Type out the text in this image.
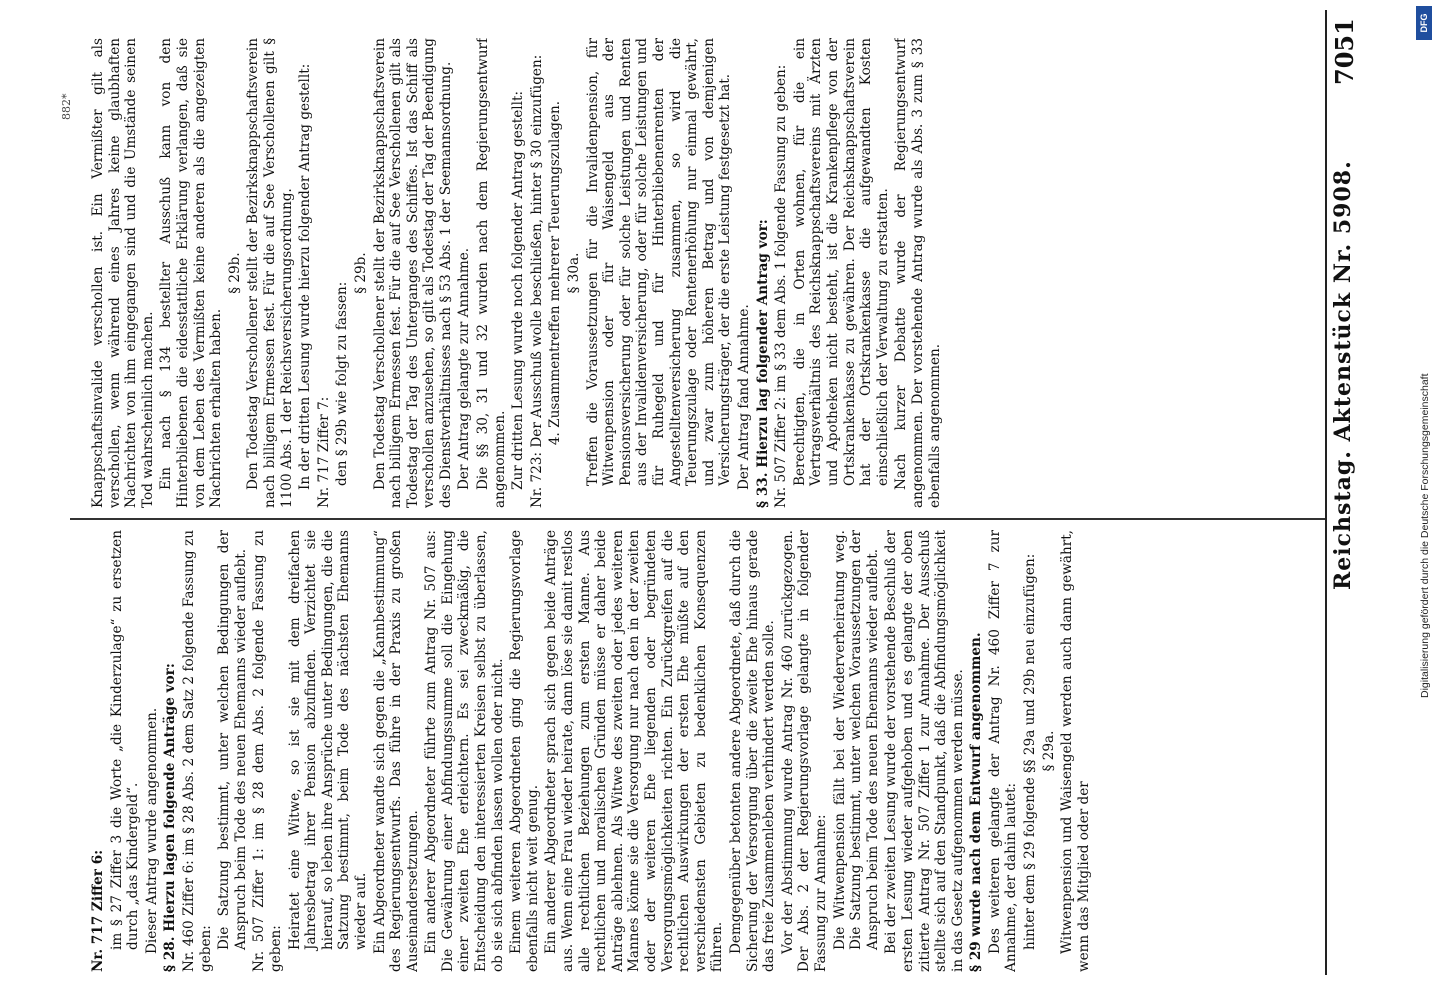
Reichstag. Aktenstück Nr. 5908.
7051

Nr. 717 Ziffer 6: im § 27 Ziffer 3 die Worte „die Kinderzulage“ zu ersetzen durch „das Kindergeld“. Dieser Antrag wurde angenommen. § 28. Hierzu lagen folgende Anträge vor: Nr. 460 Ziffer 6: im § 28 Abs. 2 dem Satz 2 folgende Fassung zu geben: Die Satzung bestimmt, unter welchen Bedingungen der Anspruch beim Tode des neuen Ehemanns wieder auflebt. Nr. 507 Ziffer 1: im § 28 dem Abs. 2 folgende Fassung zu geben: Heiratet eine Witwe, so ist sie mit dem dreifachen Jahresbetrag ihrer Pension abzufinden. Verzichtet sie hierauf, so leben ihre Ansprüche unter Bedingungen, die die Satzung bestimmt, beim Tode des nächsten Ehemanns wieder auf. Ein Abgeordneter wandte sich gegen die „Kannbestimmung“ des Regierungsentwurfs. Das führe in der Praxis zu großen Auseinandersetzungen. Ein anderer Abgeordneter führte zum Antrag Nr. 507 aus: Die Gewährung einer Abfindungssumme soll die Eingehung einer zweiten Ehe erleichtern. Es sei zweckmäßig, die Entscheidung den interessierten Kreisen selbst zu überlassen, ob sie sich abfinden lassen wollen oder nicht. Einem weiteren Abgeordneten ging die Regierungsvorlage ebenfalls nicht weit genug. Ein anderer Abgeordneter sprach sich gegen beide Anträge aus. Wenn eine Frau wieder heirate, dann löse sie damit restlos alle rechtlichen Beziehungen zum ersten Manne. Aus rechtlichen und moralischen Gründen müsse er daher beide Anträge ablehnen. Als Witwe des zweiten oder jedes weiteren Mannes könne sie die Versorgung nur nach den in der zweiten oder der weiteren Ehe liegenden oder begründeten Versorgungsmöglichkeiten richten. Ein Zurückgreifen auf die rechtlichen Auswirkungen der ersten Ehe müßte auf den verschiedensten Gebieten zu bedenklichen Konsequenzen führen. Demgegenüber betonten andere Abgeordnete, daß durch die Sicherung der Versorgung über die zweite Ehe hinaus gerade das freie Zusammenleben verhindert werden solle. Vor der Abstimmung wurde Antrag Nr. 460 zurückgezogen. Der Abs. 2 der Regierungsvorlage gelangte in folgender Fassung zur Annahme: Die Witwenpension fällt bei der Wiederverheiratung weg. Die Satzung bestimmt, unter welchen Voraussetzungen der Anspruch beim Tode des neuen Ehemanns wieder auflebt. Bei der zweiten Lesung wurde der vorstehende Beschluß der ersten Lesung wieder aufgehoben und es gelangte der oben zitierte Antrag Nr. 507 Ziffer 1 zur Annahme. Der Ausschuß stellte sich auf den Standpunkt, daß die Abfindungsmöglichkeit in das Gesetz aufgenommen werden müsse. § 29 wurde nach dem Entwurf angenommen. Des weiteren gelangte der Antrag Nr. 460 Ziffer 7 zur Annahme, der dahin lautet: hinter dem § 29 folgende §§ 29a und 29b neu einzufügen: § 29a. Witwenpension und Waisengeld werden auch dann gewährt, wenn das Mitglied oder der

Knappschaftsinvalide verschollen ist. Ein Vermißter gilt als verschollen, wenn während eines Jahres keine glaubhaften Nachrichten von ihm eingegangen sind und die Umstände seinen Tod wahrscheinlich machen. Ein nach § 134 bestellter Ausschuß kann von den Hinterbliebenen die eidesstattliche Erklärung verlangen, daß sie von dem Leben des Vermißten keine anderen als die angezeigten Nachrichten erhalten haben.

§ 29b. Den Todestag Verschollener stellt der Bezirksknappschaftsverein nach billigem Ermessen fest. Für die auf See Verschollenen gilt § 1100 Abs. 1 der Reichsversicherungsordnung. In der dritten Lesung wurde hierzu folgender Antrag gestellt: Nr. 717 Ziffer 7: den § 29b wie folgt zu fassen:

§ 29b. Den Todestag Verschollener stellt der Bezirksknappschaftsverein nach billigem Ermessen fest. Für die auf See Verschollenen gilt als Todestag der Tag des Unterganges des Schiffes. Ist das Schiff als verschollen anzusehen, so gilt als Todestag der Tag der Beendigung des Dienstverhältnisses nach § 53 Abs. 1 der Seemannsordnung. Der Antrag gelangte zur Annahme. Die §§ 30, 31 und 32 wurden nach dem Regierungsentwurf angenommen. Zur dritten Lesung wurde noch folgender Antrag gestellt: Nr. 723: Der Ausschuß wolle beschließen, hinter § 30 einzufügen: 4. Zusammentreffen mehrerer Teuerungszulagen. § 30a. Treffen die Voraussetzungen für die Invalidenpension, für Witwenpension oder für Waisengeld aus der Pensionsversicherung oder für solche Leistungen und Renten aus der Invalidenversicherung, oder für solche Leistungen und für Ruhegeld und für Hinterbliebenenrenten der Angestelltenversicherung zusammen, so wird die Teuerungszulage oder Rentenerhöhung nur einmal gewährt, und zwar zum höheren Betrag und von demjenigen Versicherungsträger, der die erste Leistung festgesetzt hat. Der Antrag fand Annahme. § 33. Hierzu lag folgender Antrag vor: Nr. 507 Ziffer 2: im § 33 dem Abs. 1 folgende Fassung zu geben: Berechtigten, die in Orten wohnen, für die ein Vertragsverhältnis des Reichsknappschaftsvereins mit Ärzten und Apotheken nicht besteht, ist die Krankenpflege von der Ortskrankenkasse zu gewähren. Der Reichsknappschaftsverein hat der Ortskrankenkasse die aufgewandten Kosten einschließlich der Verwaltung zu erstatten. Nach kurzer Debatte wurde der Regierungsentwurf angenommen. Der vorstehende Antrag wurde als Abs. 3 zum § 33 ebenfalls angenommen.

882*
Digitalisierung gefördert durch die Deutsche Forschungsgemeinschaft
DFG
